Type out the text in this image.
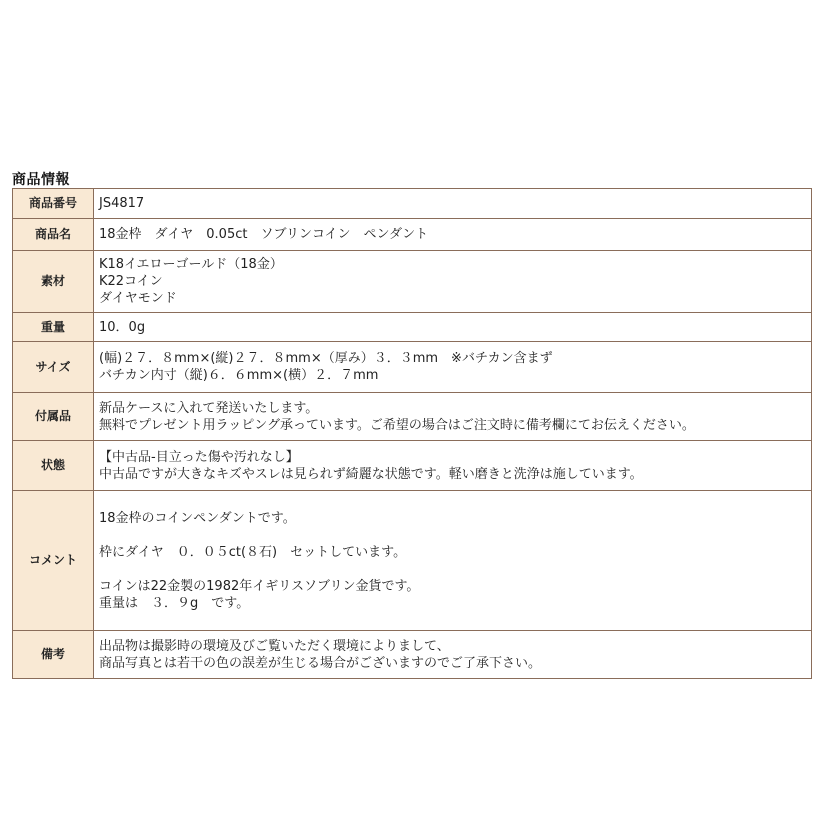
商品情報
商品番号	JS4817

商品名	18金枠　ダイヤ　0.05ct　ソブリンコイン　ペンダント

素材	K18イエローゴールド（18金）
K22コイン
ダイヤモンド

重量	10．0g

サイズ	(幅)２７．８mm×(縦)２７．８mm×（厚み）３．３mm　※バチカン含まず
バチカン内寸（縦)６．６mm×(横）２．７mm

付属品	新品ケースに入れて発送いたします。
無料でプレゼント用ラッピング承っています。ご希望の場合はご注文時に備考欄にてお伝えください。

状態	【中古品-目立った傷や汚れなし】
中古品ですが大きなキズやスレは見られず綺麗な状態です。軽い磨きと洗浄は施しています。

コメント	18金枠のコインペンダントです。
枠にダイヤ　０．０５ct(８石)　セットしています。
コインは22金製の1982年イギリスソブリン金貨です。
重量は　３．９g　です。

備考	出品物は撮影時の環境及びご覧いただく環境によりまして、
商品写真とは若干の色の誤差が生じる場合がございますのでご了承下さい。
